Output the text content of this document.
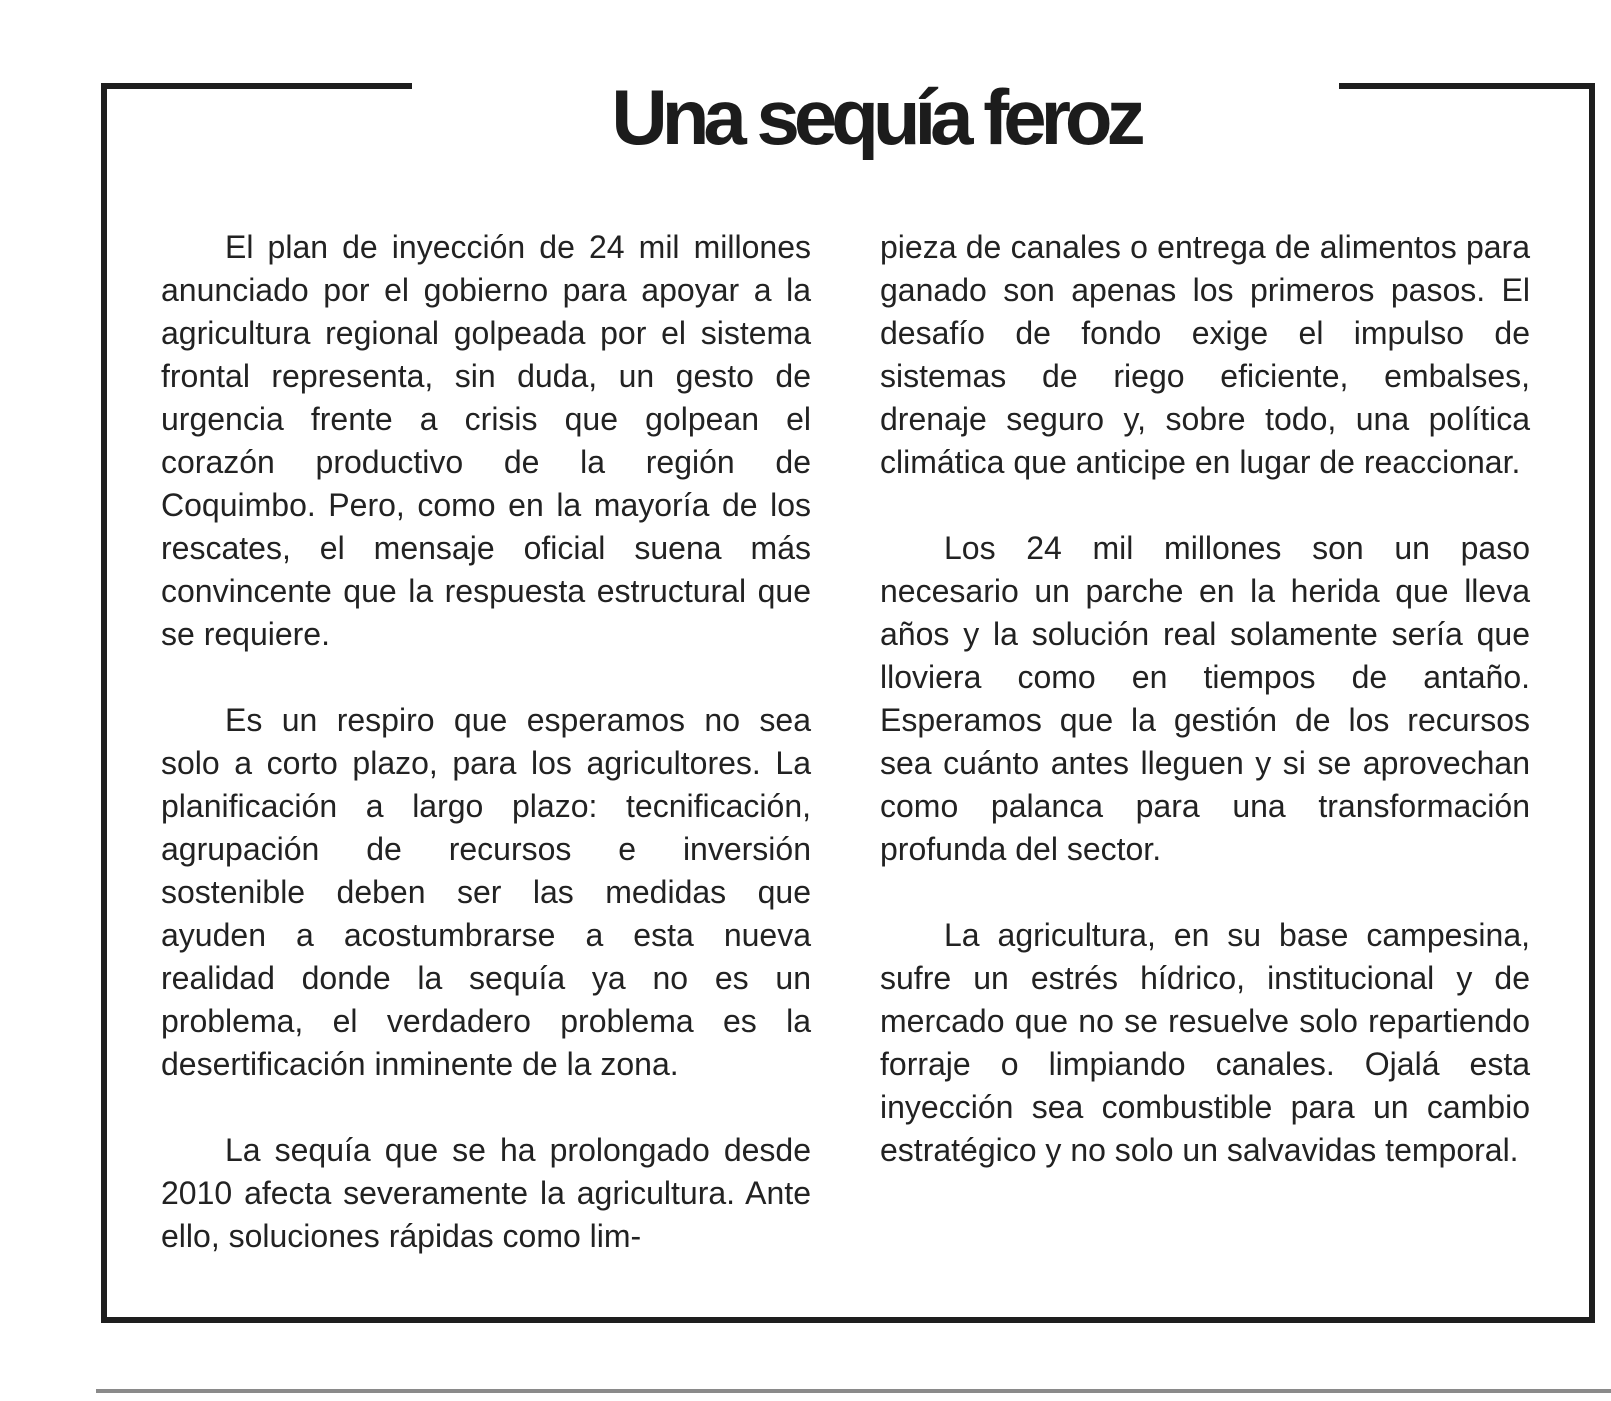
Una sequía feroz

El plan de inyección de 24 mil millones anunciado por el gobierno para apoyar a la agricultura regional golpeada por el sistema frontal representa, sin duda, un gesto de urgencia frente a crisis que golpean el corazón productivo de la región de Coquimbo. Pero, como en la mayoría de los rescates, el mensaje oficial suena más convincente que la respuesta estructural que se requiere.

Es un respiro que esperamos no sea solo a corto plazo, para los agricultores. La planificación a largo plazo: tecnificación, agrupación de recursos e inversión sostenible deben ser las medidas que ayuden a acostumbrarse a esta nueva realidad donde la sequía ya no es un problema, el verdadero problema es la desertificación inminente de la zona.

La sequía que se ha prolongado desde 2010 afecta severamente la agricultura. Ante ello, soluciones rápidas como lim-

pieza de canales o entrega de alimentos para ganado son apenas los primeros pasos. El desafío de fondo exige el impulso de sistemas de riego eficiente, embalses, drenaje seguro y, sobre todo, una política climática que anticipe en lugar de reaccionar.

Los 24 mil millones son un paso necesario un parche en la herida que lleva años y la solución real solamente sería que lloviera como en tiempos de antaño. Esperamos que la gestión de los recursos sea cuánto antes lleguen y si se aprovechan como palanca para una transformación profunda del sector.

La agricultura, en su base campesina, sufre un estrés hídrico, institucional y de mercado que no se resuelve solo repartiendo forraje o limpiando canales. Ojalá esta inyección sea combustible para un cambio estratégico y no solo un salvavidas temporal.
